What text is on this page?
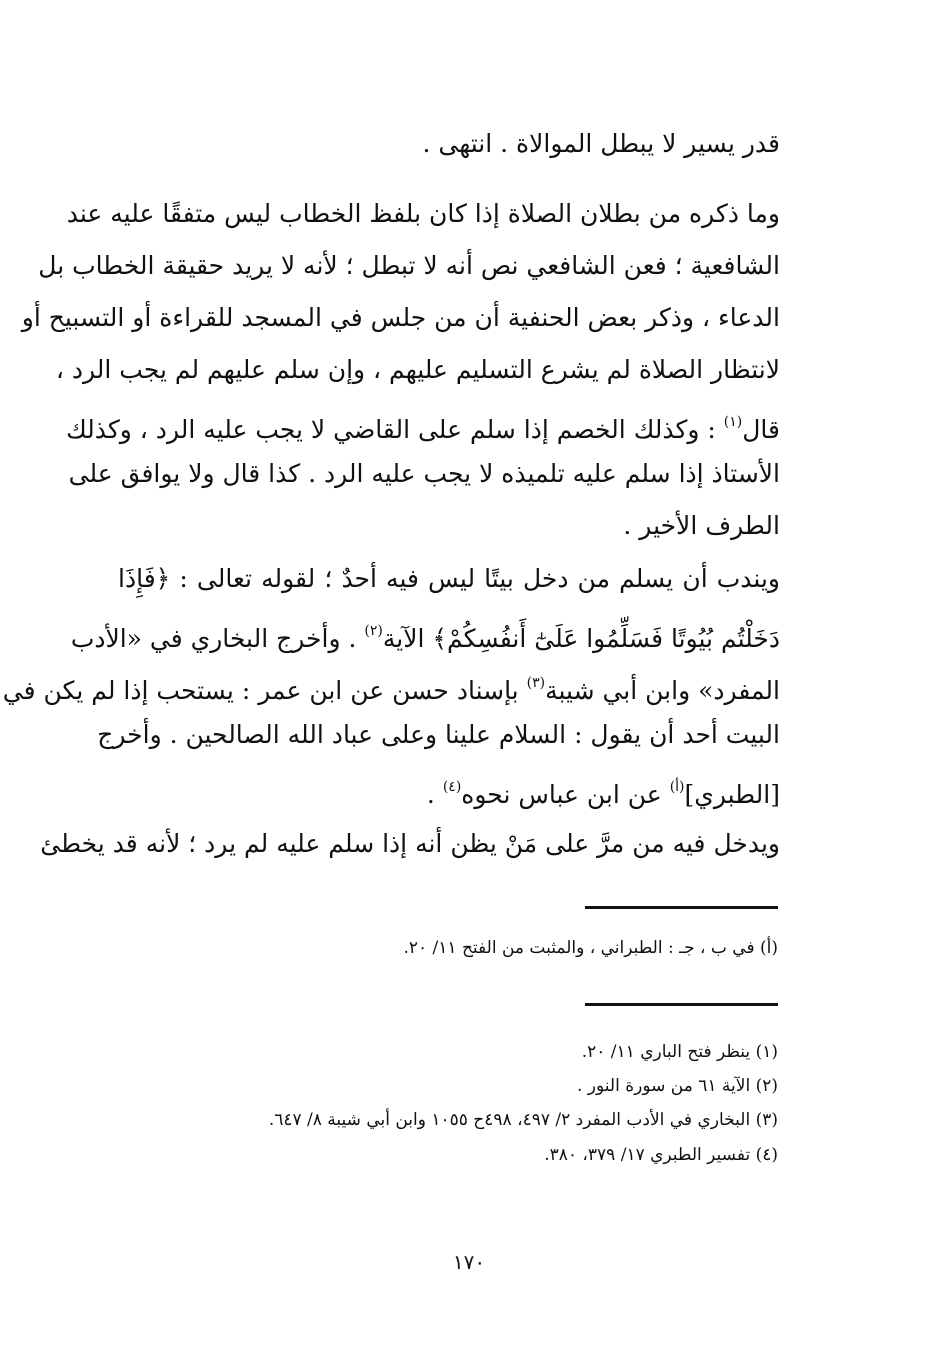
قدر يسير لا يبطل الموالاة . انتهى .
وما ذكره من بطلان الصلاة إذا كان بلفظ الخطاب ليس متفقًا عليه عند
الشافعية ؛ فعن الشافعي نص أنه لا تبطل ؛ لأنه لا يريد حقيقة الخطاب بل
الدعاء ، وذكر بعض الحنفية أن من جلس في المسجد للقراءة أو التسبيح أو
لانتظار الصلاة لم يشرع التسليم عليهم ، وإن سلم عليهم لم يجب الرد ،
قال$^{(١)}$ : وكذلك الخصم إذا سلم على القاضي لا يجب عليه الرد ، وكذلك
الأستاذ إذا سلم عليه تلميذه لا يجب عليه الرد . كذا قال ولا يوافق على
الطرف الأخير .
ويندب أن يسلم من دخل بيتًا ليس فيه أحدٌ ؛ لقوله تعالى : ﴿فَإِذَا
دَخَلْتُم بُيُوتًا فَسَلِّمُوا عَلَىٰٓ أَنفُسِكُمْ﴾ الآية$^{(٢)}$ . وأخرج البخاري في «الأدب
المفرد» وابن أبي شيبة$^{(٣)}$ بإسناد حسن عن ابن عمر : يستحب إذا لم يكن في
البيت أحد أن يقول : السلام علينا وعلى عباد الله الصالحين . وأخرج
[الطبري]$^{(أ)}$ عن ابن عباس نحوه$^{(٤)}$ .
ويدخل فيه من مرَّ على مَنْ يظن أنه إذا سلم عليه لم يرد ؛ لأنه قد يخطئ
(أ) في ب ، جـ : الطبراني ، والمثبت من الفتح ١١/ ٢٠.
(١) ينظر فتح الباري ١١/ ٢٠.
(٢) الآية ٦١ من سورة النور .
(٣) البخاري في الأدب المفرد ٢/ ٤٩٧، ٤٩٨ح ١٠٥٥ وابن أبي شيبة ٨/ ٦٤٧.
(٤) تفسير الطبري ١٧/ ٣٧٩، ٣٨٠.
١٧٠
